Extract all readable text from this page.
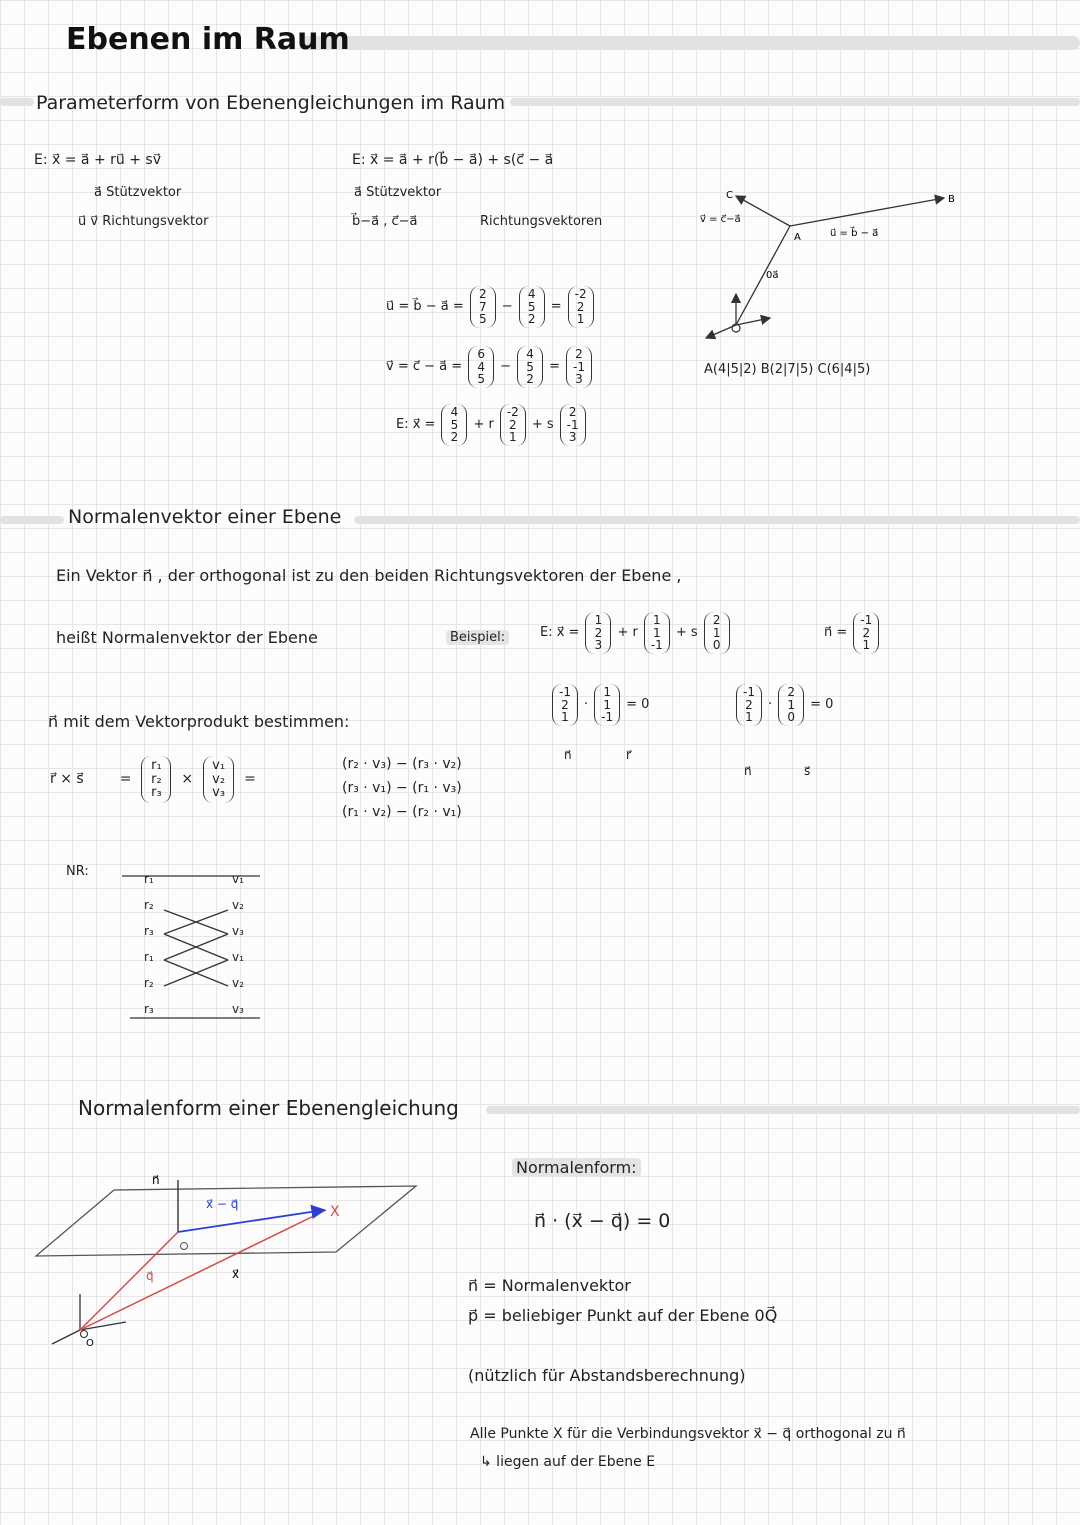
Ebenen im Raum
Parameterform von Ebenengleichungen im Raum
E: x⃗ = a⃗ + ru⃗ + sv⃗
a⃗ Stützvektor
u⃗ v⃗ Richtungsvektor
E: x⃗ = a⃗ + r(b⃗ − a⃗) + s(c⃗ − a⃗
a⃗ Stützvektor
b⃗−a⃗ , c⃗−a⃗	Richtungsvektoren
u⃗ = b⃗ − a⃗ =
2
7
5
−
4
5
2
=
-2
2
1
v⃗ = c⃗ − a⃗ =
6
4
5
−
4
5
2
=
2
-1
3
E: x⃗ =
4
5
2
+ r
-2
2
1
+ s
2
-1
3
v⃗ = c⃗−a⃗
u⃗ = b⃗ − a⃗
0a⃗
C
A
B
A(4|5|2) B(2|7|5) C(6|4|5)
Normalenvektor einer Ebene
Ein Vektor n⃗ , der orthogonal ist zu den beiden Richtungsvektoren der Ebene ,
heißt Normalenvektor der Ebene	Beispiel:	E: x⃗ =
1
2
3
+ r
1
1
-1
+ s
2
1
0
n⃗ =
-1
2
1
-1
2
1
·
1
1
-1
= 0
n⃗	r⃗
-1
2
1
·
2
1
0
= 0
n⃗	s⃗
n⃗ mit dem Vektorprodukt bestimmen:
r⃗ × s⃗	=
r₁
r₂
r₃
×
v₁
v₂
v₃
=
(r₂ · v₃) − (r₃ · v₂)
(r₃ · v₁) − (r₁ · v₃)
(r₁ · v₂) − (r₂ · v₁)
NR:	r₁
r₂
r₃
r₁
r₂
r₃
v₁
v₂
v₃
v₁
v₂
v₃
Normalenform einer Ebenengleichung
X
n⃗
x⃗ − q⃗
q⃗	x⃗
O
Normalenform:
n⃗ · (x⃗ − q⃗) = 0
n⃗ = Normalenvektor
p⃗ = beliebiger Punkt auf der Ebene 0Q⃗
(nützlich für Abstandsberechnung)
Alle Punkte X für die Verbindungsvektor x⃗ − q⃗ orthogonal zu n⃗
↳ liegen auf der Ebene E
